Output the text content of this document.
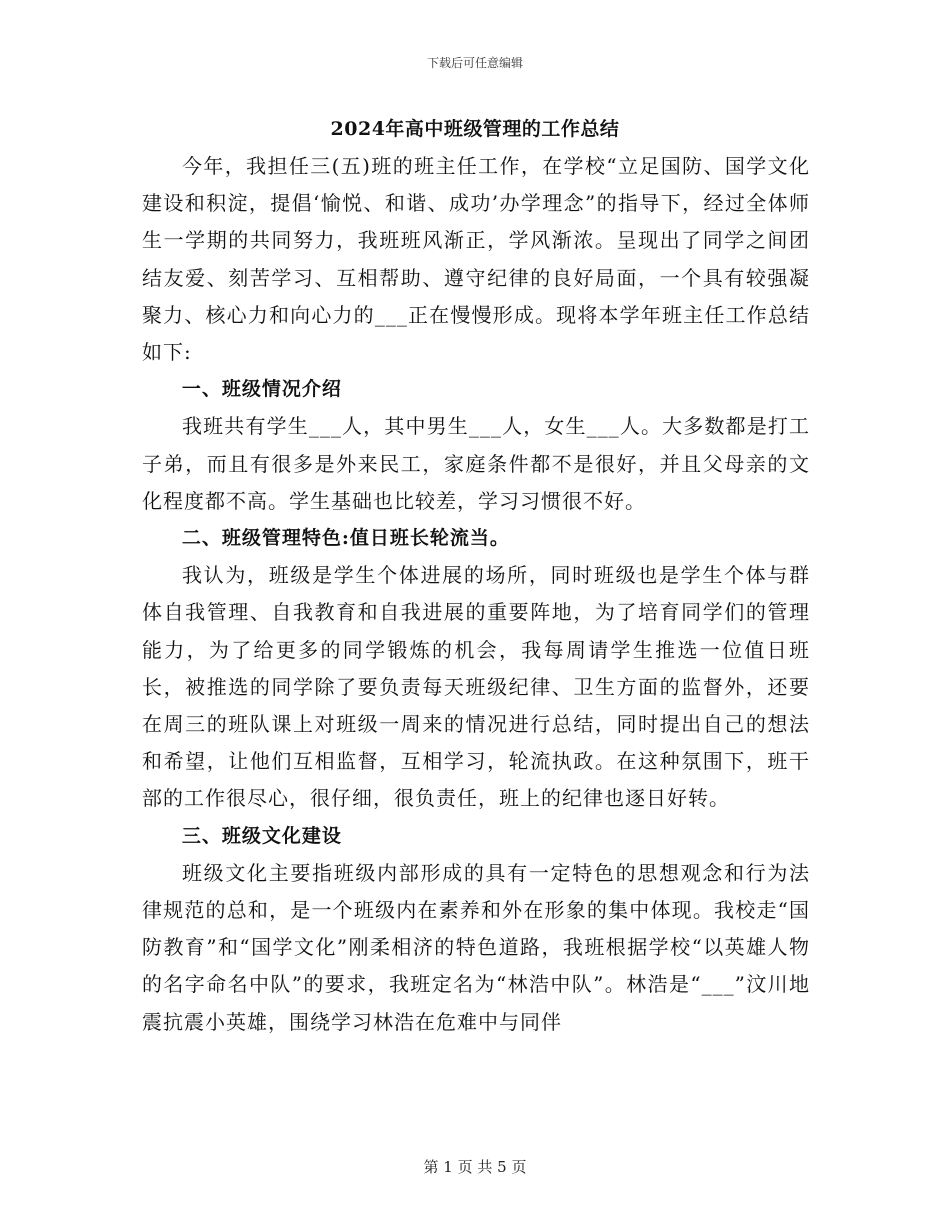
下载后可任意编辑
2024年高中班级管理的工作总结

今年，我担任三(五)班的班主任工作，在学校“立足国防、国学文化建设和积淀，提倡‘愉悦、和谐、成功’办学理念”的指导下，经过全体师生一学期的共同努力，我班班风渐正，学风渐浓。呈现出了同学之间团结友爱、刻苦学习、互相帮助、遵守纪律的良好局面，一个具有较强凝聚力、核心力和向心力的___正在慢慢形成。现将本学年班主任工作总结如下:

一、班级情况介绍

我班共有学生___人，其中男生___人，女生___人。大多数都是打工子弟，而且有很多是外来民工，家庭条件都不是很好，并且父母亲的文化程度都不高。学生基础也比较差，学习习惯很不好。

二、班级管理特色:值日班长轮流当。

我认为，班级是学生个体进展的场所，同时班级也是学生个体与群体自我管理、自我教育和自我进展的重要阵地，为了培育同学们的管理能力，为了给更多的同学锻炼的机会，我每周请学生推选一位值日班长，被推选的同学除了要负责每天班级纪律、卫生方面的监督外，还要在周三的班队课上对班级一周来的情况进行总结，同时提出自己的想法和希望，让他们互相监督，互相学习，轮流执政。在这种氛围下，班干部的工作很尽心，很仔细，很负责任，班上的纪律也逐日好转。

三、班级文化建设

班级文化主要指班级内部形成的具有一定特色的思想观念和行为法律规范的总和，是一个班级内在素养和外在形象的集中体现。我校走“国防教育”和“国学文化”刚柔相济的特色道路，我班根据学校“以英雄人物的名字命名中队”的要求，我班定名为“林浩中队”。林浩是“___”汶川地震抗震小英雄，围绕学习林浩在危难中与同伴

第 1 页 共 5 页
